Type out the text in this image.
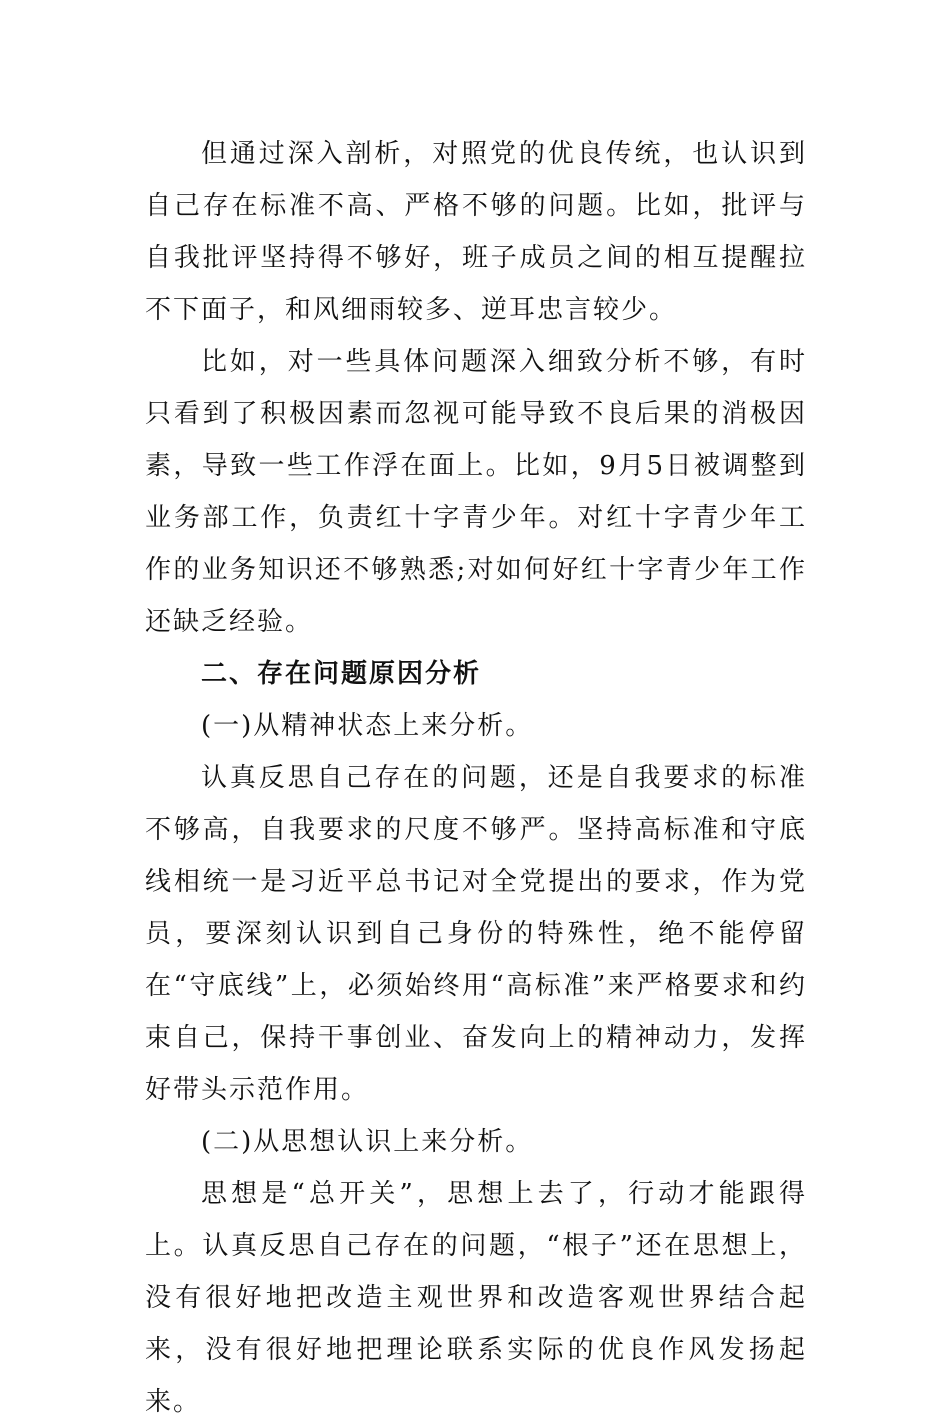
但通过深入剖析，对照党的优良传统，也认识到自己存在标准不高、严格不够的问题。比如，批评与自我批评坚持得不够好，班子成员之间的相互提醒拉不下面子，和风细雨较多、逆耳忠言较少。

比如，对一些具体问题深入细致分析不够，有时只看到了积极因素而忽视可能导致不良后果的消极因素，导致一些工作浮在面上。比如，9月5日被调整到业务部工作，负责红十字青少年。对红十字青少年工作的业务知识还不够熟悉;对如何好红十字青少年工作还缺乏经验。

二、存在问题原因分析

(一)从精神状态上来分析。

认真反思自己存在的问题，还是自我要求的标准不够高，自我要求的尺度不够严。坚持高标准和守底线相统一是习近平总书记对全党提出的要求，作为党员，要深刻认识到自己身份的特殊性，绝不能停留在“守底线”上，必须始终用“高标准”来严格要求和约束自己，保持干事创业、奋发向上的精神动力，发挥好带头示范作用。

(二)从思想认识上来分析。

思想是“总开关”，思想上去了，行动才能跟得上。认真反思自己存在的问题，“根子”还在思想上，没有很好地把改造主观世界和改造客观世界结合起来，没有很好地把理论联系实际的优良作风发扬起来。
